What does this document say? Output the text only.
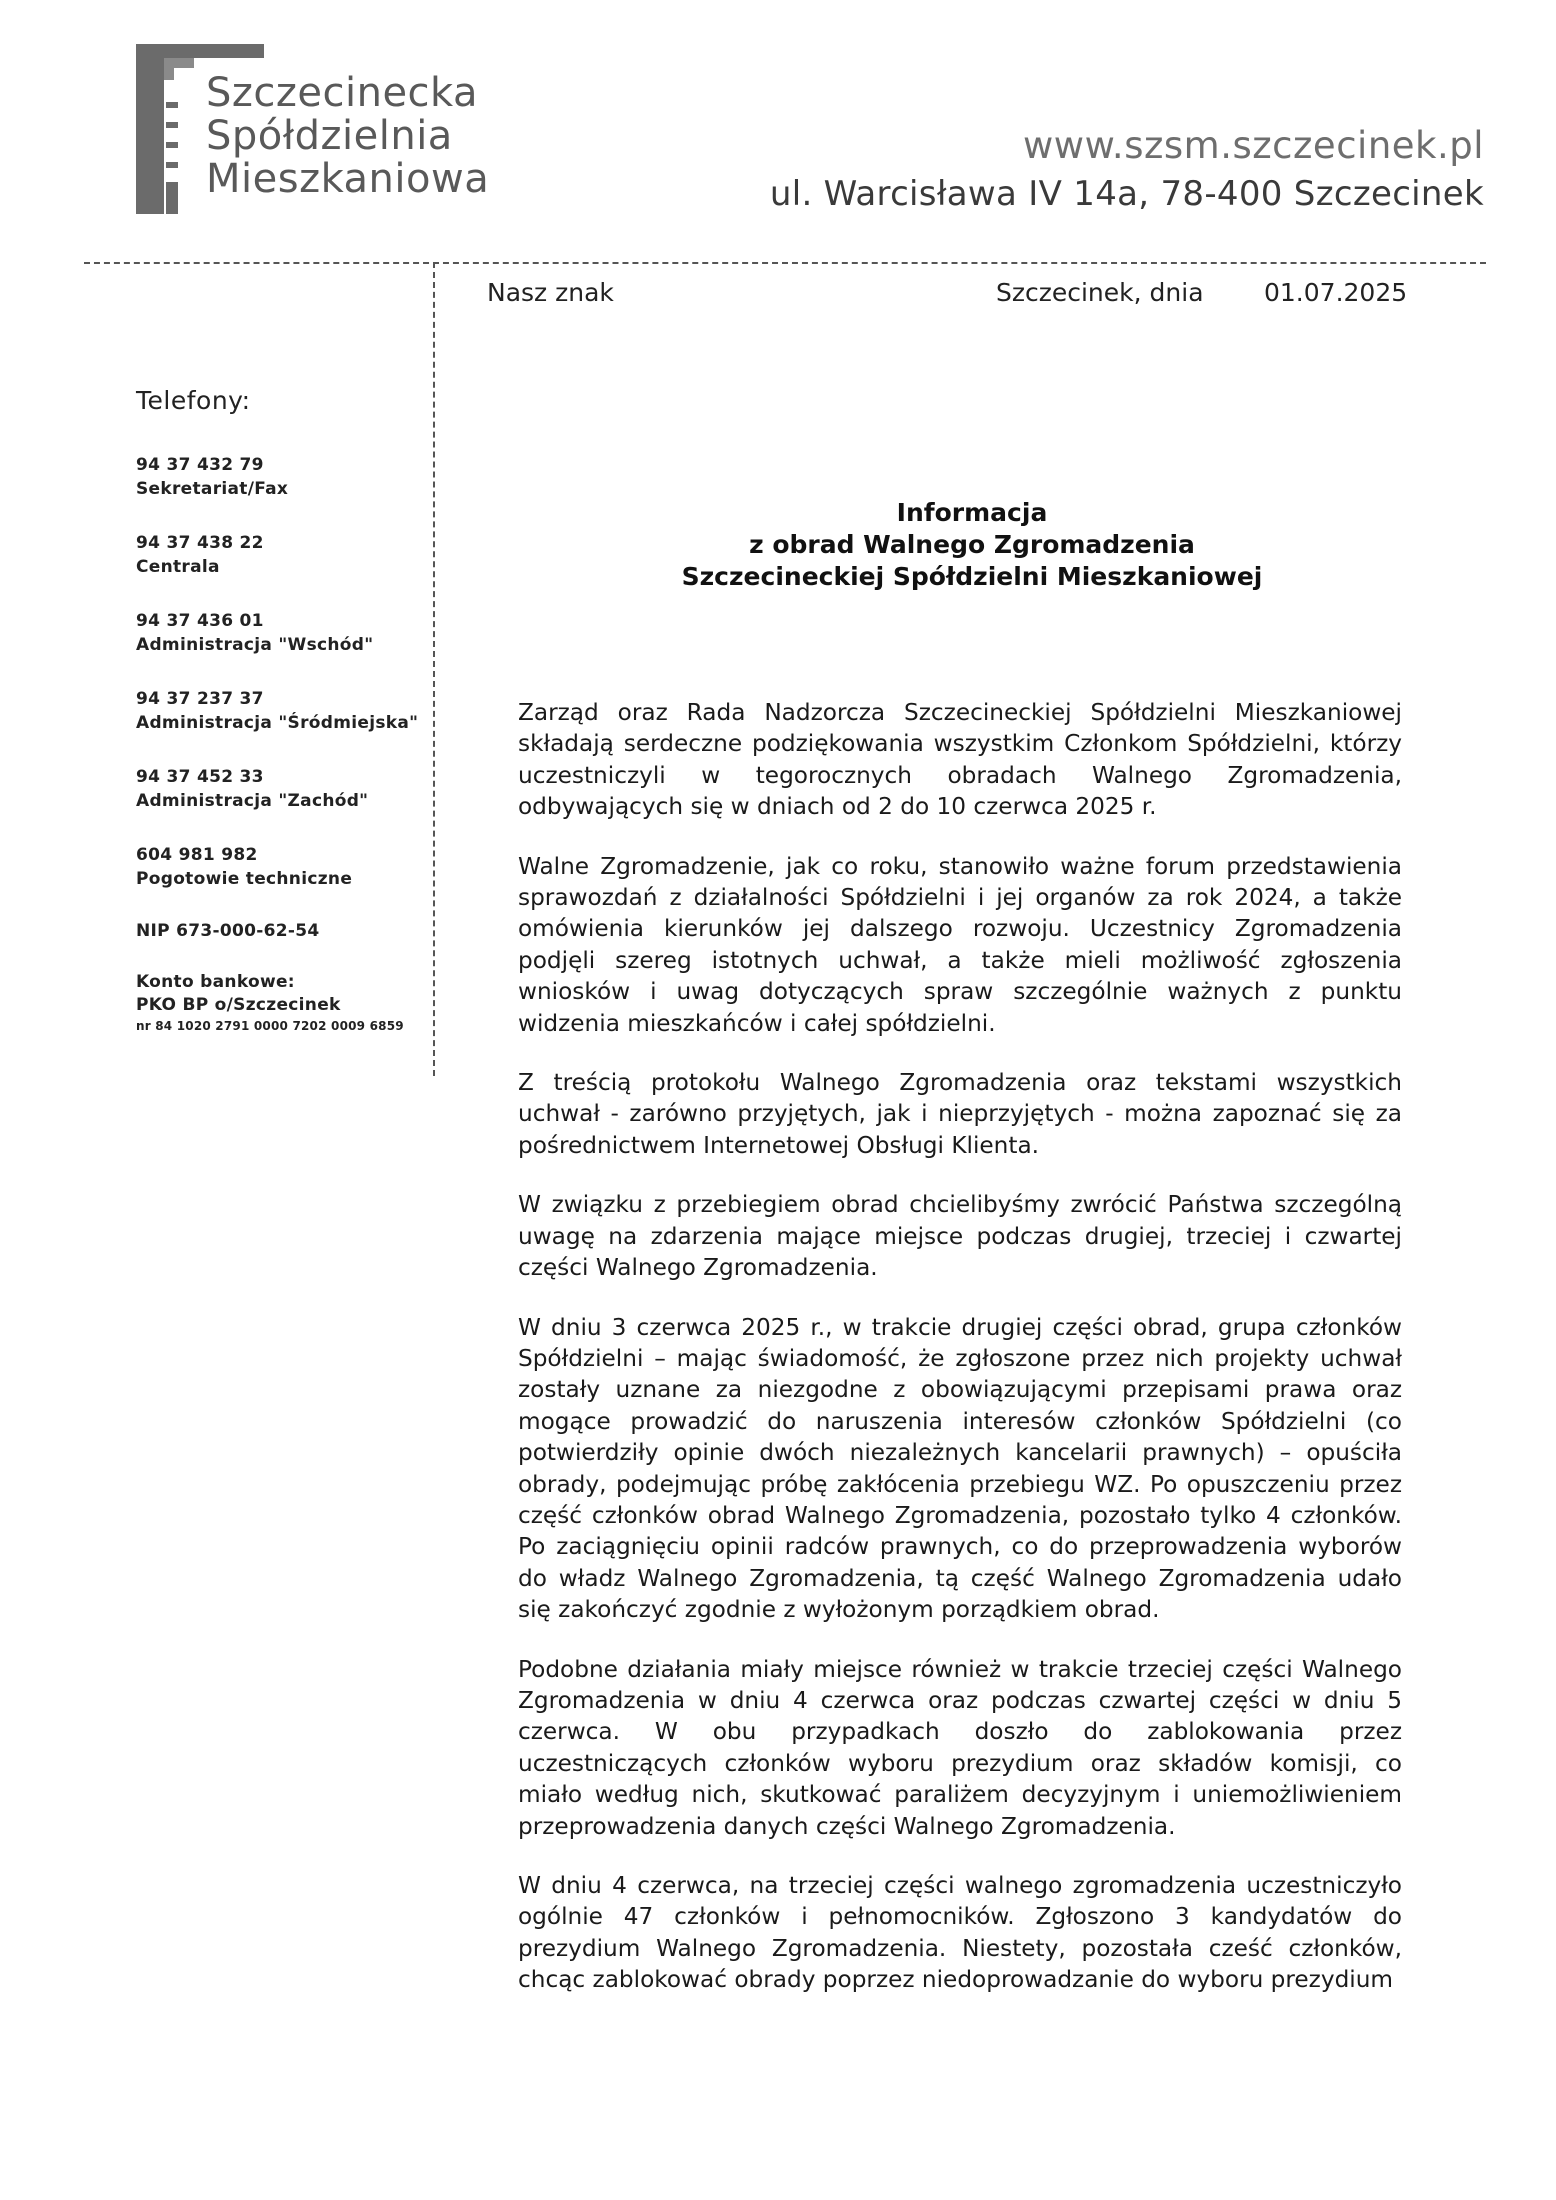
Szczecinecka
Spółdzielnia
Mieszkaniowa
www.szsm.szczecinek.pl
ul. Warcisława IV 14a, 78-400 Szczecinek
Nasz znak	Szczecinek, dnia 01.07.2025
Telefony:
94 37 432 79
Sekretariat/Fax
94 37 438 22
Centrala
94 37 436 01
Administracja "Wschód"
94 37 237 37
Administracja "Śródmiejska"
94 37 452 33
Administracja "Zachód"
604 981 982
Pogotowie techniczne
NIP 673-000-62-54
Konto bankowe:
PKO BP o/Szczecinek
nr 84 1020 2791 0000 7202 0009 6859
Informacja
z obrad Walnego Zgromadzenia
Szczecineckiej Spółdzielni Mieszkaniowej

Zarząd oraz Rada Nadzorcza Szczecineckiej Spółdzielni Mieszkaniowej składają serdeczne podziękowania wszystkim Członkom Spółdzielni, którzy uczestniczyli w tegorocznych obradach Walnego Zgromadzenia, odbywających się w dniach od 2 do 10 czerwca 2025 r.

Walne Zgromadzenie, jak co roku, stanowiło ważne forum przedstawienia sprawozdań z działalności Spółdzielni i jej organów za rok 2024, a także omówienia kierunków jej dalszego rozwoju. Uczestnicy Zgromadzenia podjęli szereg istotnych uchwał, a także mieli możliwość zgłoszenia wniosków i uwag dotyczących spraw szczególnie ważnych z punktu widzenia mieszkańców i całej spółdzielni.

Z treścią protokołu Walnego Zgromadzenia oraz tekstami wszystkich uchwał - zarówno przyjętych, jak i nieprzyjętych - można zapoznać się za pośrednictwem Internetowej Obsługi Klienta.

W związku z przebiegiem obrad chcielibyśmy zwrócić Państwa szczególną uwagę na zdarzenia mające miejsce podczas drugiej, trzeciej i czwartej części Walnego Zgromadzenia.

W dniu 3 czerwca 2025 r., w trakcie drugiej części obrad, grupa członków Spółdzielni – mając świadomość, że zgłoszone przez nich projekty uchwał zostały uznane za niezgodne z obowiązującymi przepisami prawa oraz mogące prowadzić do naruszenia interesów członków Spółdzielni (co potwierdziły opinie dwóch niezależnych kancelarii prawnych) – opuściła obrady, podejmując próbę zakłócenia przebiegu WZ. Po opuszczeniu przez część członków obrad Walnego Zgromadzenia, pozostało tylko 4 członków. Po zaciągnięciu opinii radców prawnych, co do przeprowadzenia wyborów do władz Walnego Zgromadzenia, tą część Walnego Zgromadzenia udało się zakończyć zgodnie z wyłożonym porządkiem obrad.

Podobne działania miały miejsce również w trakcie trzeciej części Walnego Zgromadzenia w dniu 4 czerwca oraz podczas czwartej części w dniu 5 czerwca. W obu przypadkach doszło do zablokowania przez uczestniczących członków wyboru prezydium oraz składów komisji, co miało według nich, skutkować paraliżem decyzyjnym i uniemożliwieniem przeprowadzenia danych części Walnego Zgromadzenia.

W dniu 4 czerwca, na trzeciej części walnego zgromadzenia uczestniczyło ogólnie 47 członków i pełnomocników. Zgłoszono 3 kandydatów do prezydium Walnego Zgromadzenia. Niestety, pozostała cześć członków, chcąc zablokować obrady poprzez niedoprowadzanie do wyboru prezydium
